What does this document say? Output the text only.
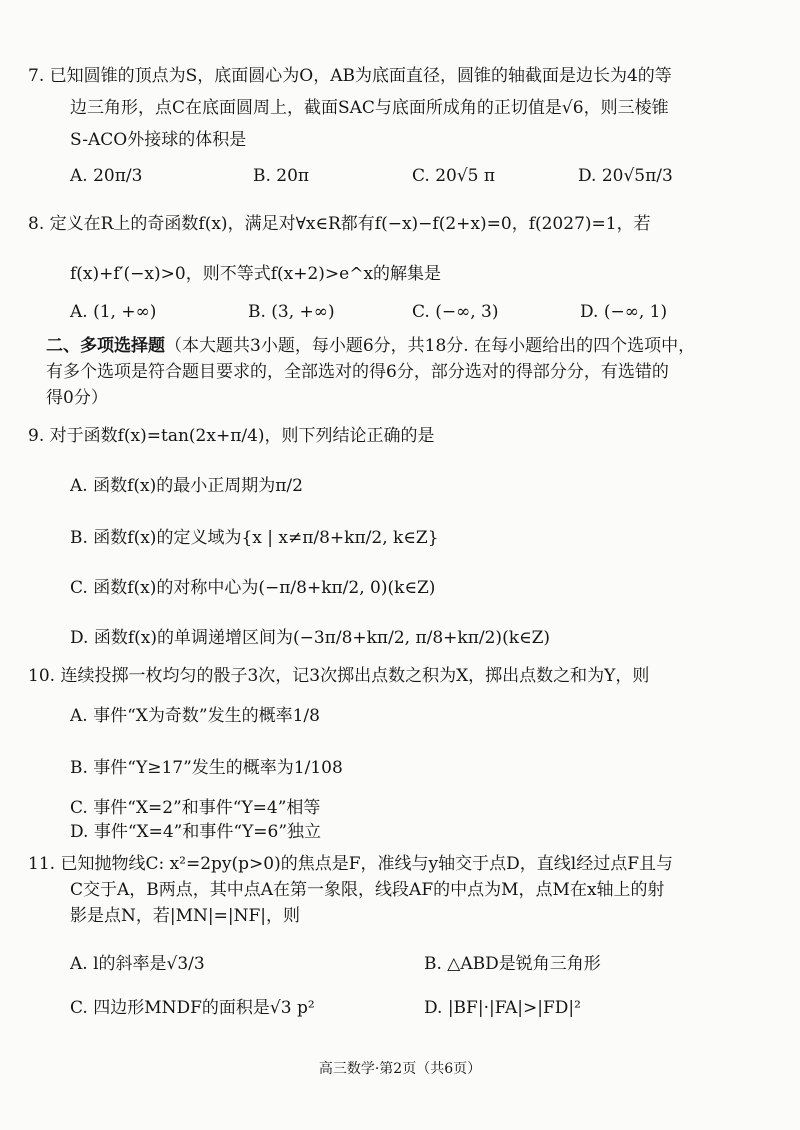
7. 已知圆锥的顶点为S，底面圆心为O，AB为底面直径，圆锥的轴截面是边长为4的等
边三角形，点C在底面圆周上，截面SAC与底面所成角的正切值是√6，则三棱锥
S-ACO外接球的体积是
A. 20π/3	B. 20π	C. 20√5 π	D. 20√5π/3
8. 定义在R上的奇函数f(x)，满足对∀x∈R都有f(−x)−f(2+x)=0，f(2027)=1，若
f(x)+f′(−x)>0，则不等式f(x+2)>e^x的解集是
A. (1, +∞)	B. (3, +∞)	C. (−∞, 3)	D. (−∞, 1)
二、多项选择题（本大题共3小题，每小题6分，共18分. 在每小题给出的四个选项中，
有多个选项是符合题目要求的，全部选对的得6分，部分选对的得部分分，有选错的
得0分）
9. 对于函数f(x)=tan(2x+π/4)，则下列结论正确的是
A. 函数f(x)的最小正周期为π/2
B. 函数f(x)的定义域为{x | x≠π/8+kπ/2, k∈Z}
C. 函数f(x)的对称中心为(−π/8+kπ/2, 0)(k∈Z)
D. 函数f(x)的单调递增区间为(−3π/8+kπ/2, π/8+kπ/2)(k∈Z)
10. 连续投掷一枚均匀的骰子3次，记3次掷出点数之积为X，掷出点数之和为Y，则
A. 事件“X为奇数”发生的概率1/8
B. 事件“Y≥17”发生的概率为1/108
C. 事件“X=2”和事件“Y=4”相等
D. 事件“X=4”和事件“Y=6”独立
11. 已知抛物线C: x²=2py(p>0)的焦点是F，准线与y轴交于点D，直线l经过点F且与
C交于A，B两点，其中点A在第一象限，线段AF的中点为M，点M在x轴上的射
影是点N，若|MN|=|NF|，则
A. l的斜率是√3/3	B. △ABD是锐角三角形
C. 四边形MNDF的面积是√3 p²	D. |BF|·|FA|>|FD|²
高三数学·第2页（共6页）
